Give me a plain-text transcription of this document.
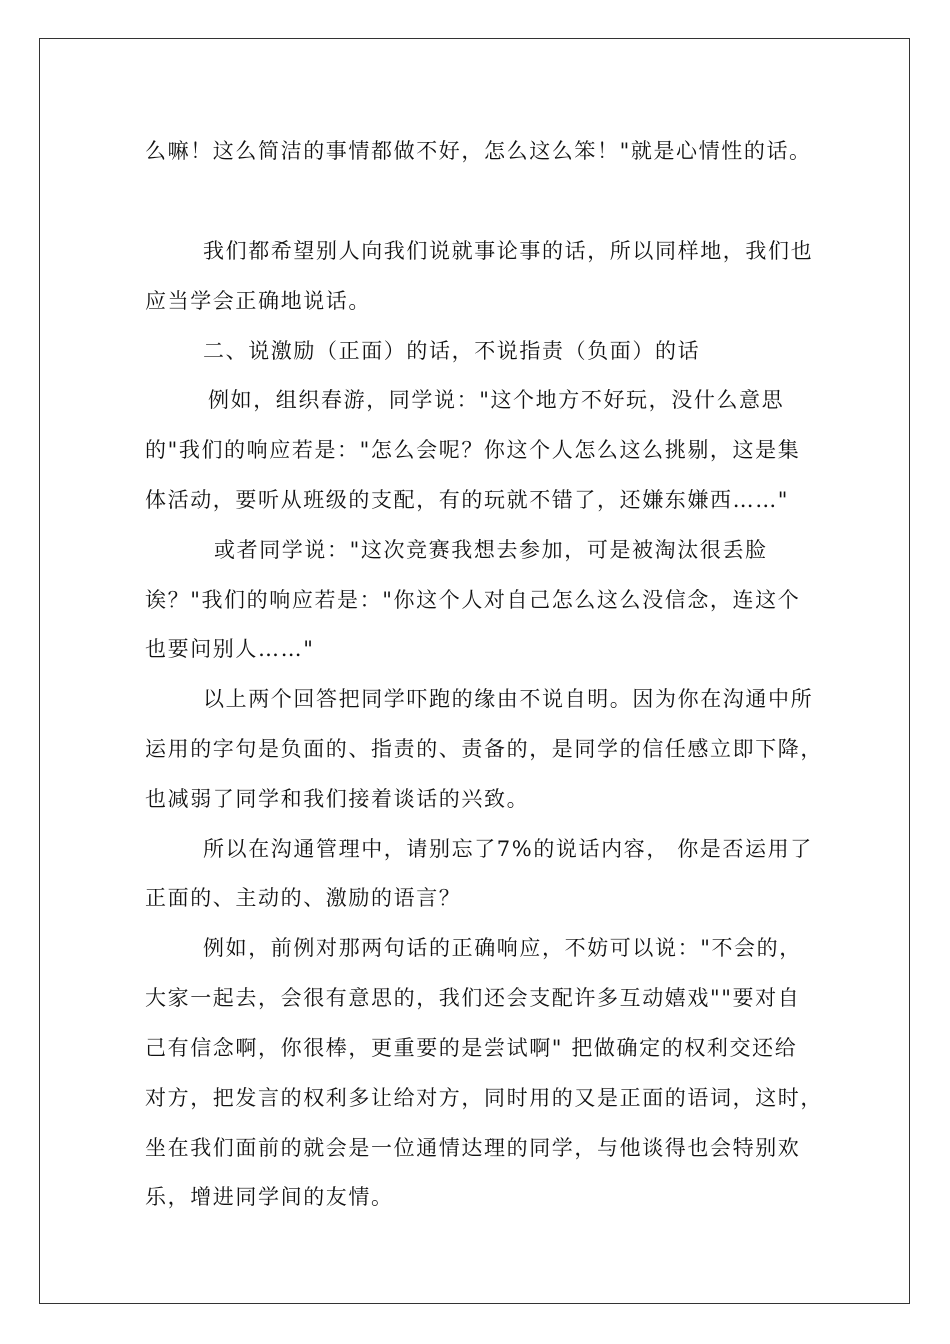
么嘛！这么简洁的事情都做不好，怎么这么笨！"就是心情性的话。
我们都希望别人向我们说就事论事的话，所以同样地，我们也
应当学会正确地说话。
二、说激励（正面）的话，不说指责（负面）的话
例如，组织春游，同学说："这个地方不好玩，没什么意思
的"我们的响应若是："怎么会呢？你这个人怎么这么挑剔，这是集
体活动，要听从班级的支配，有的玩就不错了，还嫌东嫌西……"
或者同学说："这次竞赛我想去参加，可是被淘汰很丢脸
诶？"我们的响应若是："你这个人对自己怎么这么没信念，连这个
也要问别人……"
以上两个回答把同学吓跑的缘由不说自明。因为你在沟通中所
运用的字句是负面的、指责的、责备的，是同学的信任感立即下降，
也减弱了同学和我们接着谈话的兴致。
所以在沟通管理中，请别忘了7%的说话内容， 你是否运用了
正面的、主动的、激励的语言？
例如，前例对那两句话的正确响应，不妨可以说："不会的，
大家一起去，会很有意思的，我们还会支配许多互动嬉戏""要对自
己有信念啊，你很棒，更重要的是尝试啊" 把做确定的权利交还给
对方，把发言的权利多让给对方，同时用的又是正面的语词，这时，
坐在我们面前的就会是一位通情达理的同学，与他谈得也会特别欢
乐，增进同学间的友情。
